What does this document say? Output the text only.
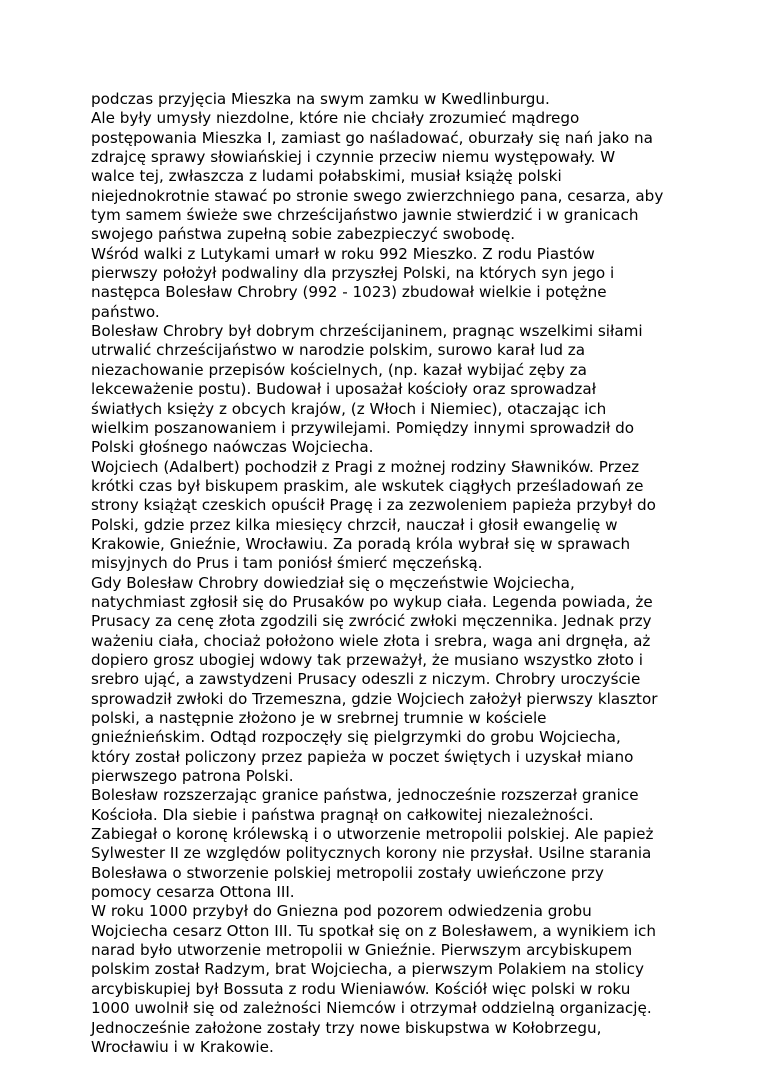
podczas przyjęcia Mieszka na swym zamku w Kwedlinburgu.
Ale były umysły niezdolne, które nie chciały zrozumieć mądrego
postępowania Mieszka I, zamiast go naśladować, oburzały się nań jako na
zdrajcę sprawy słowiańskiej i czynnie przeciw niemu występowały. W
walce tej, zwłaszcza z ludami połabskimi, musiał książę polski
niejednokrotnie stawać po stronie swego zwierzchniego pana, cesarza, aby
tym samem świeże swe chrześcijaństwo jawnie stwierdzić i w granicach
swojego państwa zupełną sobie zabezpieczyć swobodę.
Wśród walki z Lutykami umarł w roku 992 Mieszko. Z rodu Piastów
pierwszy położył podwaliny dla przyszłej Polski, na których syn jego i
następca Bolesław Chrobry (992 - 1023) zbudował wielkie i potężne
państwo.
Bolesław Chrobry był dobrym chrześcijaninem, pragnąc wszelkimi siłami
utrwalić chrześcijaństwo w narodzie polskim, surowo karał lud za
niezachowanie przepisów kościelnych, (np. kazał wybijać zęby za
lekceważenie postu). Budował i uposażał kościoły oraz sprowadzał
światłych księży z obcych krajów, (z Włoch i Niemiec), otaczając ich
wielkim poszanowaniem i przywilejami. Pomiędzy innymi sprowadził do
Polski głośnego naówczas Wojciecha.
Wojciech (Adalbert) pochodził z Pragi z możnej rodziny Sławników. Przez
krótki czas był biskupem praskim, ale wskutek ciągłych prześladowań ze
strony książąt czeskich opuścił Pragę i za zezwoleniem papieża przybył do
Polski, gdzie przez kilka miesięcy chrzcił, nauczał i głosił ewangelię w
Krakowie, Gnieźnie, Wrocławiu. Za poradą króla wybrał się w sprawach
misyjnych do Prus i tam poniósł śmierć męczeńską.
Gdy Bolesław Chrobry dowiedział się o męczeństwie Wojciecha,
natychmiast zgłosił się do Prusaków po wykup ciała. Legenda powiada, że
Prusacy za cenę złota zgodzili się zwrócić zwłoki męczennika. Jednak przy
ważeniu ciała, chociaż położono wiele złota i srebra, waga ani drgnęła, aż
dopiero grosz ubogiej wdowy tak przeważył, że musiano wszystko złoto i
srebro ująć, a zawstydzeni Prusacy odeszli z niczym. Chrobry uroczyście
sprowadził zwłoki do Trzemeszna, gdzie Wojciech założył pierwszy klasztor
polski, a następnie złożono je w srebrnej trumnie w kościele
gnieźnieńskim. Odtąd rozpoczęły się pielgrzymki do grobu Wojciecha,
który został policzony przez papieża w poczet świętych i uzyskał miano
pierwszego patrona Polski.
Bolesław rozszerzając granice państwa, jednocześnie rozszerzał granice
Kościoła. Dla siebie i państwa pragnął on całkowitej niezależności.
Zabiegał o koronę królewską i o utworzenie metropolii polskiej. Ale papież
Sylwester II ze względów politycznych korony nie przysłał. Usilne starania
Bolesława o stworzenie polskiej metropolii zostały uwieńczone przy
pomocy cesarza Ottona III.
W roku 1000 przybył do Gniezna pod pozorem odwiedzenia grobu
Wojciecha cesarz Otton III. Tu spotkał się on z Bolesławem, a wynikiem ich
narad było utworzenie metropolii w Gnieźnie. Pierwszym arcybiskupem
polskim został Radzym, brat Wojciecha, a pierwszym Polakiem na stolicy
arcybiskupiej był Bossuta z rodu Wieniawów. Kościół więc polski w roku
1000 uwolnił się od zależności Niemców i otrzymał oddzielną organizację.
Jednocześnie założone zostały trzy nowe biskupstwa w Kołobrzegu,
Wrocławiu i w Krakowie.
